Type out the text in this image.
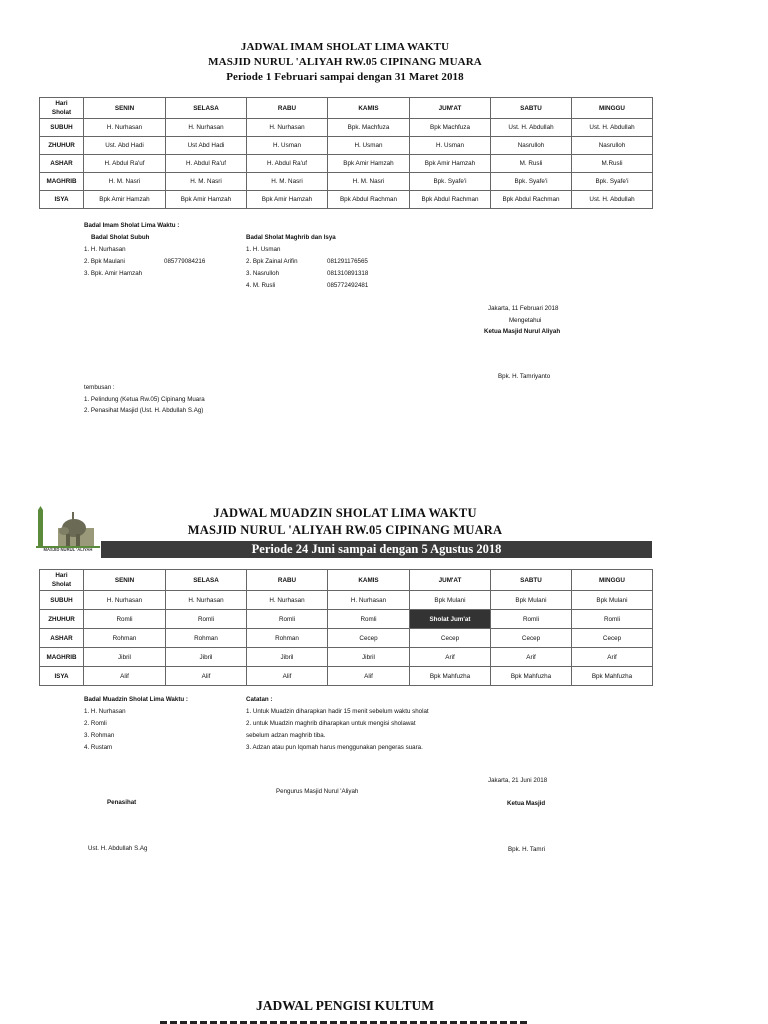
JADWAL IMAM SHOLAT LIMA WAKTU
MASJID NURUL 'ALIYAH RW.05 CIPINANG MUARA
Periode 1 Februari sampai dengan 31 Maret 2018
Hari
Sholat	SENIN	SELASA	RABU	KAMIS	JUM'AT	SABTU	MINGGU
SUBUH	H. Nurhasan	H. Nurhasan	H. Nurhasan	Bpk. Machfuza	Bpk Machfuza	Ust. H. Abdullah	Ust. H. Abdullah
ZHUHUR	Ust. Abd Hadi	Ust Abd Hadi	H. Usman	H. Usman	H. Usman	Nasrulloh	Nasrulloh
ASHAR	H. Abdul Ra'uf	H. Abdul Ra'uf	H. Abdul Ra'uf	Bpk Amir Hamzah	Bpk Amir Hamzah	M. Rusli	M.Rusli
MAGHRIB	H. M. Nasri	H. M. Nasri	H. M. Nasri	H. M. Nasri	Bpk. Syafe'i	Bpk. Syafe'i	Bpk. Syafe'i
ISYA	Bpk Amir Hamzah	Bpk Amir Hamzah	Bpk Amir Hamzah	Bpk Abdul Rachman	Bpk Abdul Rachman	Bpk Abdul Rachman	Ust. H. Abdullah
Badal Imam Sholat Lima Waktu :
Badal Sholat Subuh
1. H. Nurhasan
2. Bpk Maulani	085779084216
3. Bpk. Amir Hamzah
Badal Sholat Maghrib dan Isya
1. H. Usman
2. Bpk Zainal Arifin	081291176565
3. Nasrulloh	081310891318
4. M. Rusli	085772492481
Jakarta, 11 Februari 2018
Mengetahui
Ketua Masjid Nurul Aliyah
Bpk. H. Tamriyanto
tembusan :
1. Pelindung (Ketua Rw.05) Cipinang Muara
2. Penasihat Masjid (Ust. H. Abdullah S.Ag)
MASJID NURUL 'ALIYAH
JADWAL MUADZIN SHOLAT LIMA WAKTU
MASJID NURUL 'ALIYAH RW.05 CIPINANG MUARA
Periode 24 Juni sampai dengan 5 Agustus 2018
Hari
Sholat	SENIN	SELASA	RABU	KAMIS	JUM'AT	SABTU	MINGGU
SUBUH	H. Nurhasan	H. Nurhasan	H. Nurhasan	H. Nurhasan	Bpk Mulani	Bpk Mulani	Bpk Mulani
ZHUHUR	Romli	Romli	Romli	Romli	Sholat Jum'at	Romli	Romli
ASHAR	Rohman	Rohman	Rohman	Cecep	Cecep	Cecep	Cecep
MAGHRIB	Jibril	Jibril	Jibril	Jibril	Arif	Arif	Arif
ISYA	Alif	Alif	Alif	Alif	Bpk Mahfuzha	Bpk Mahfuzha	Bpk Mahfuzha
Badal Muadzin Sholat Lima Waktu :
1. H. Nurhasan
2. Romli
3. Rohman
4. Rustam
Catatan :
1. Untuk Muadzin diharapkan hadir 15 menit sebelum waktu sholat
2. untuk Muadzin maghrib diharapkan untuk mengisi sholawat
sebelum adzan maghrib tiba.
3. Adzan atau pun Iqomah harus menggunakan pengeras suara.
Jakarta, 21 Juni 2018
Pengurus Masjid Nurul 'Aliyah
Penasihat	Ketua Masjid
Ust. H. Abdullah S.Ag	Bpk. H. Tamri
JADWAL PENGISI KULTUM
